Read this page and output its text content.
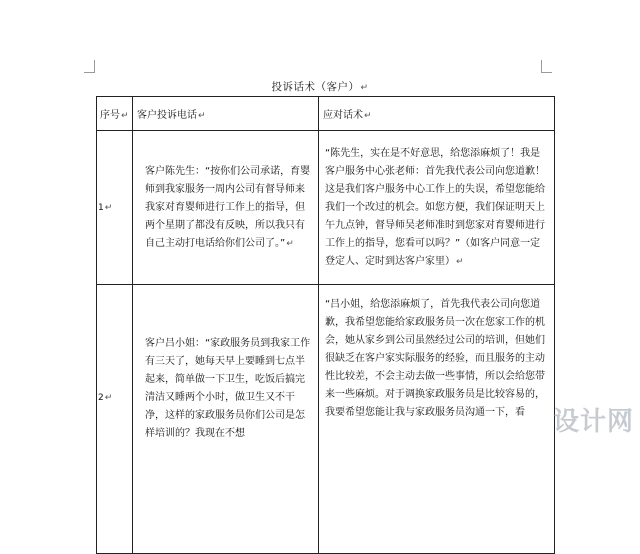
投诉话术（客户）↵
序号↵	客户投诉电话↵	应对话术↵
1↵	客户陈先生：“按你们公司承诺，育婴师到我家服务一周内公司有督导师来我家对育婴师进行工作上的指导，但两个星期了都没有反映，所以我只有自己主动打电话给你们公司了。”↵	“陈先生，实在是不好意思，给您添麻烦了！我是客户服务中心张老师：首先我代表公司向您道歉！这是我们客户服务中心工作上的失误，希望您能给我们一个改过的机会。如您方便，我们保证明天上午九点钟，督导师吴老师准时到您家对育婴师进行工作上的指导，您看可以吗？”（如客户同意一定登定人、定时到达客户家里）↵
2↵	客户吕小姐：“家政服务员到我家工作有三天了，她每天早上要睡到七点半起来，简单做一下卫生，吃饭后搞完清洁又睡两个小时，做卫生又不干净，这样的家政服务员你们公司是怎样培训的？我现在不想	“吕小姐，给您添麻烦了，首先我代表公司向您道歉，我希望您能给家政服务员一次在您家工作的机会，她从家乡到公司虽然经过公司的培训，但她们很缺乏在客户家实际服务的经验，而且服务的主动性比较差，不会主动去做一些事情，所以会给您带来一些麻烦。对于调换家政服务员是比较容易的，我要希望您能让我与家政服务员沟通一下，看 设计网
